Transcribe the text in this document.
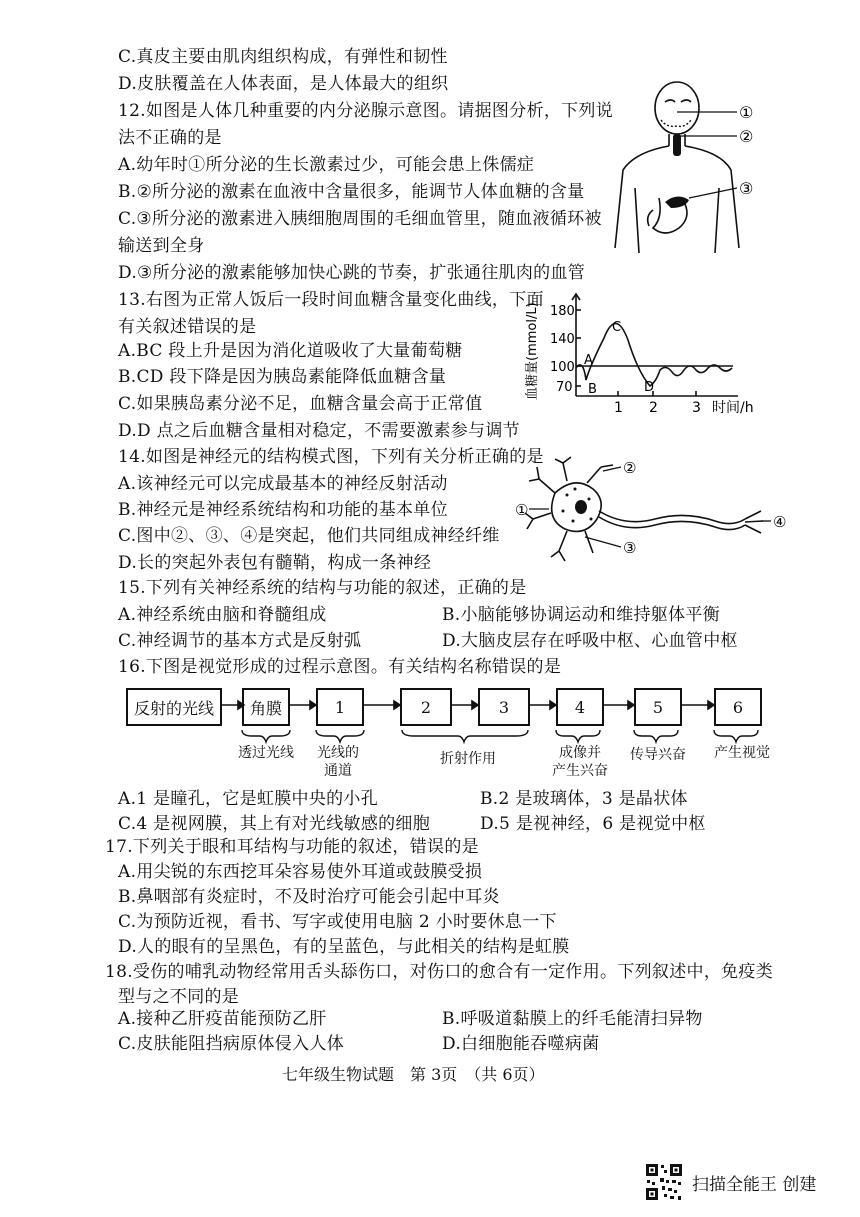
C.真皮主要由肌肉组织构成，有弹性和韧性
D.皮肤覆盖在人体表面，是人体最大的组织
12.如图是人体几种重要的内分泌腺示意图。请据图分析，下列说
法不正确的是
A.幼年时①所分泌的生长激素过少，可能会患上侏儒症
B.②所分泌的激素在血液中含量很多，能调节人体血糖的含量
C.③所分泌的激素进入胰细胞周围的毛细血管里，随血液循环被
输送到全身
D.③所分泌的激素能够加快心跳的节奏，扩张通往肌肉的血管
①
②
③
13.右图为正常人饭后一段时间血糖含量变化曲线，下面
有关叙述错误的是
A.BC 段上升是因为消化道吸收了大量葡萄糖
B.CD 段下降是因为胰岛素能降低血糖含量
C.如果胰岛素分泌不足，血糖含量会高于正常值
D.D 点之后血糖含量相对稳定，不需要激素参与调节
血糖量(mmol/L) 180
140
100
70
1 2 3 时间/h
A
B
C
D
14.如图是神经元的结构模式图，下列有关分析正确的是
A.该神经元可以完成最基本的神经反射活动
B.神经元是神经系统结构和功能的基本单位
C.图中②、③、④是突起，他们共同组成神经纤维
D.长的突起外表包有髓鞘，构成一条神经
①
②
③
④
15.下列有关神经系统的结构与功能的叙述，正确的是
A.神经系统由脑和脊髓组成	B.小脑能够协调运动和维持躯体平衡
C.神经调节的基本方式是反射弧	D.大脑皮层存在呼吸中枢、心血管中枢
16.下图是视觉形成的过程示意图。有关结构名称错误的是
反射的光线	角膜	1	2	3	4	5	6
透过光线	光线的
通道
折射作用	成像并
产生兴奋
传导兴奋	产生视觉
A.1 是瞳孔，它是虹膜中央的小孔	B.2 是玻璃体，3 是晶状体
C.4 是视网膜，其上有对光线敏感的细胞	D.5 是视神经，6 是视觉中枢
17.下列关于眼和耳结构与功能的叙述，错误的是
A.用尖锐的东西挖耳朵容易使外耳道或鼓膜受损
B.鼻咽部有炎症时，不及时治疗可能会引起中耳炎
C.为预防近视，看书、写字或使用电脑 2 小时要休息一下
D.人的眼有的呈黑色，有的呈蓝色，与此相关的结构是虹膜
18.受伤的哺乳动物经常用舌头舔伤口，对伤口的愈合有一定作用。下列叙述中，免疫类
型与之不同的是
A.接种乙肝疫苗能预防乙肝	B.呼吸道黏膜上的纤毛能清扫异物
C.皮肤能阻挡病原体侵入人体	D.白细胞能吞噬病菌
七年级生物试题　第 3页　（共 6页）
扫描全能王 创建
